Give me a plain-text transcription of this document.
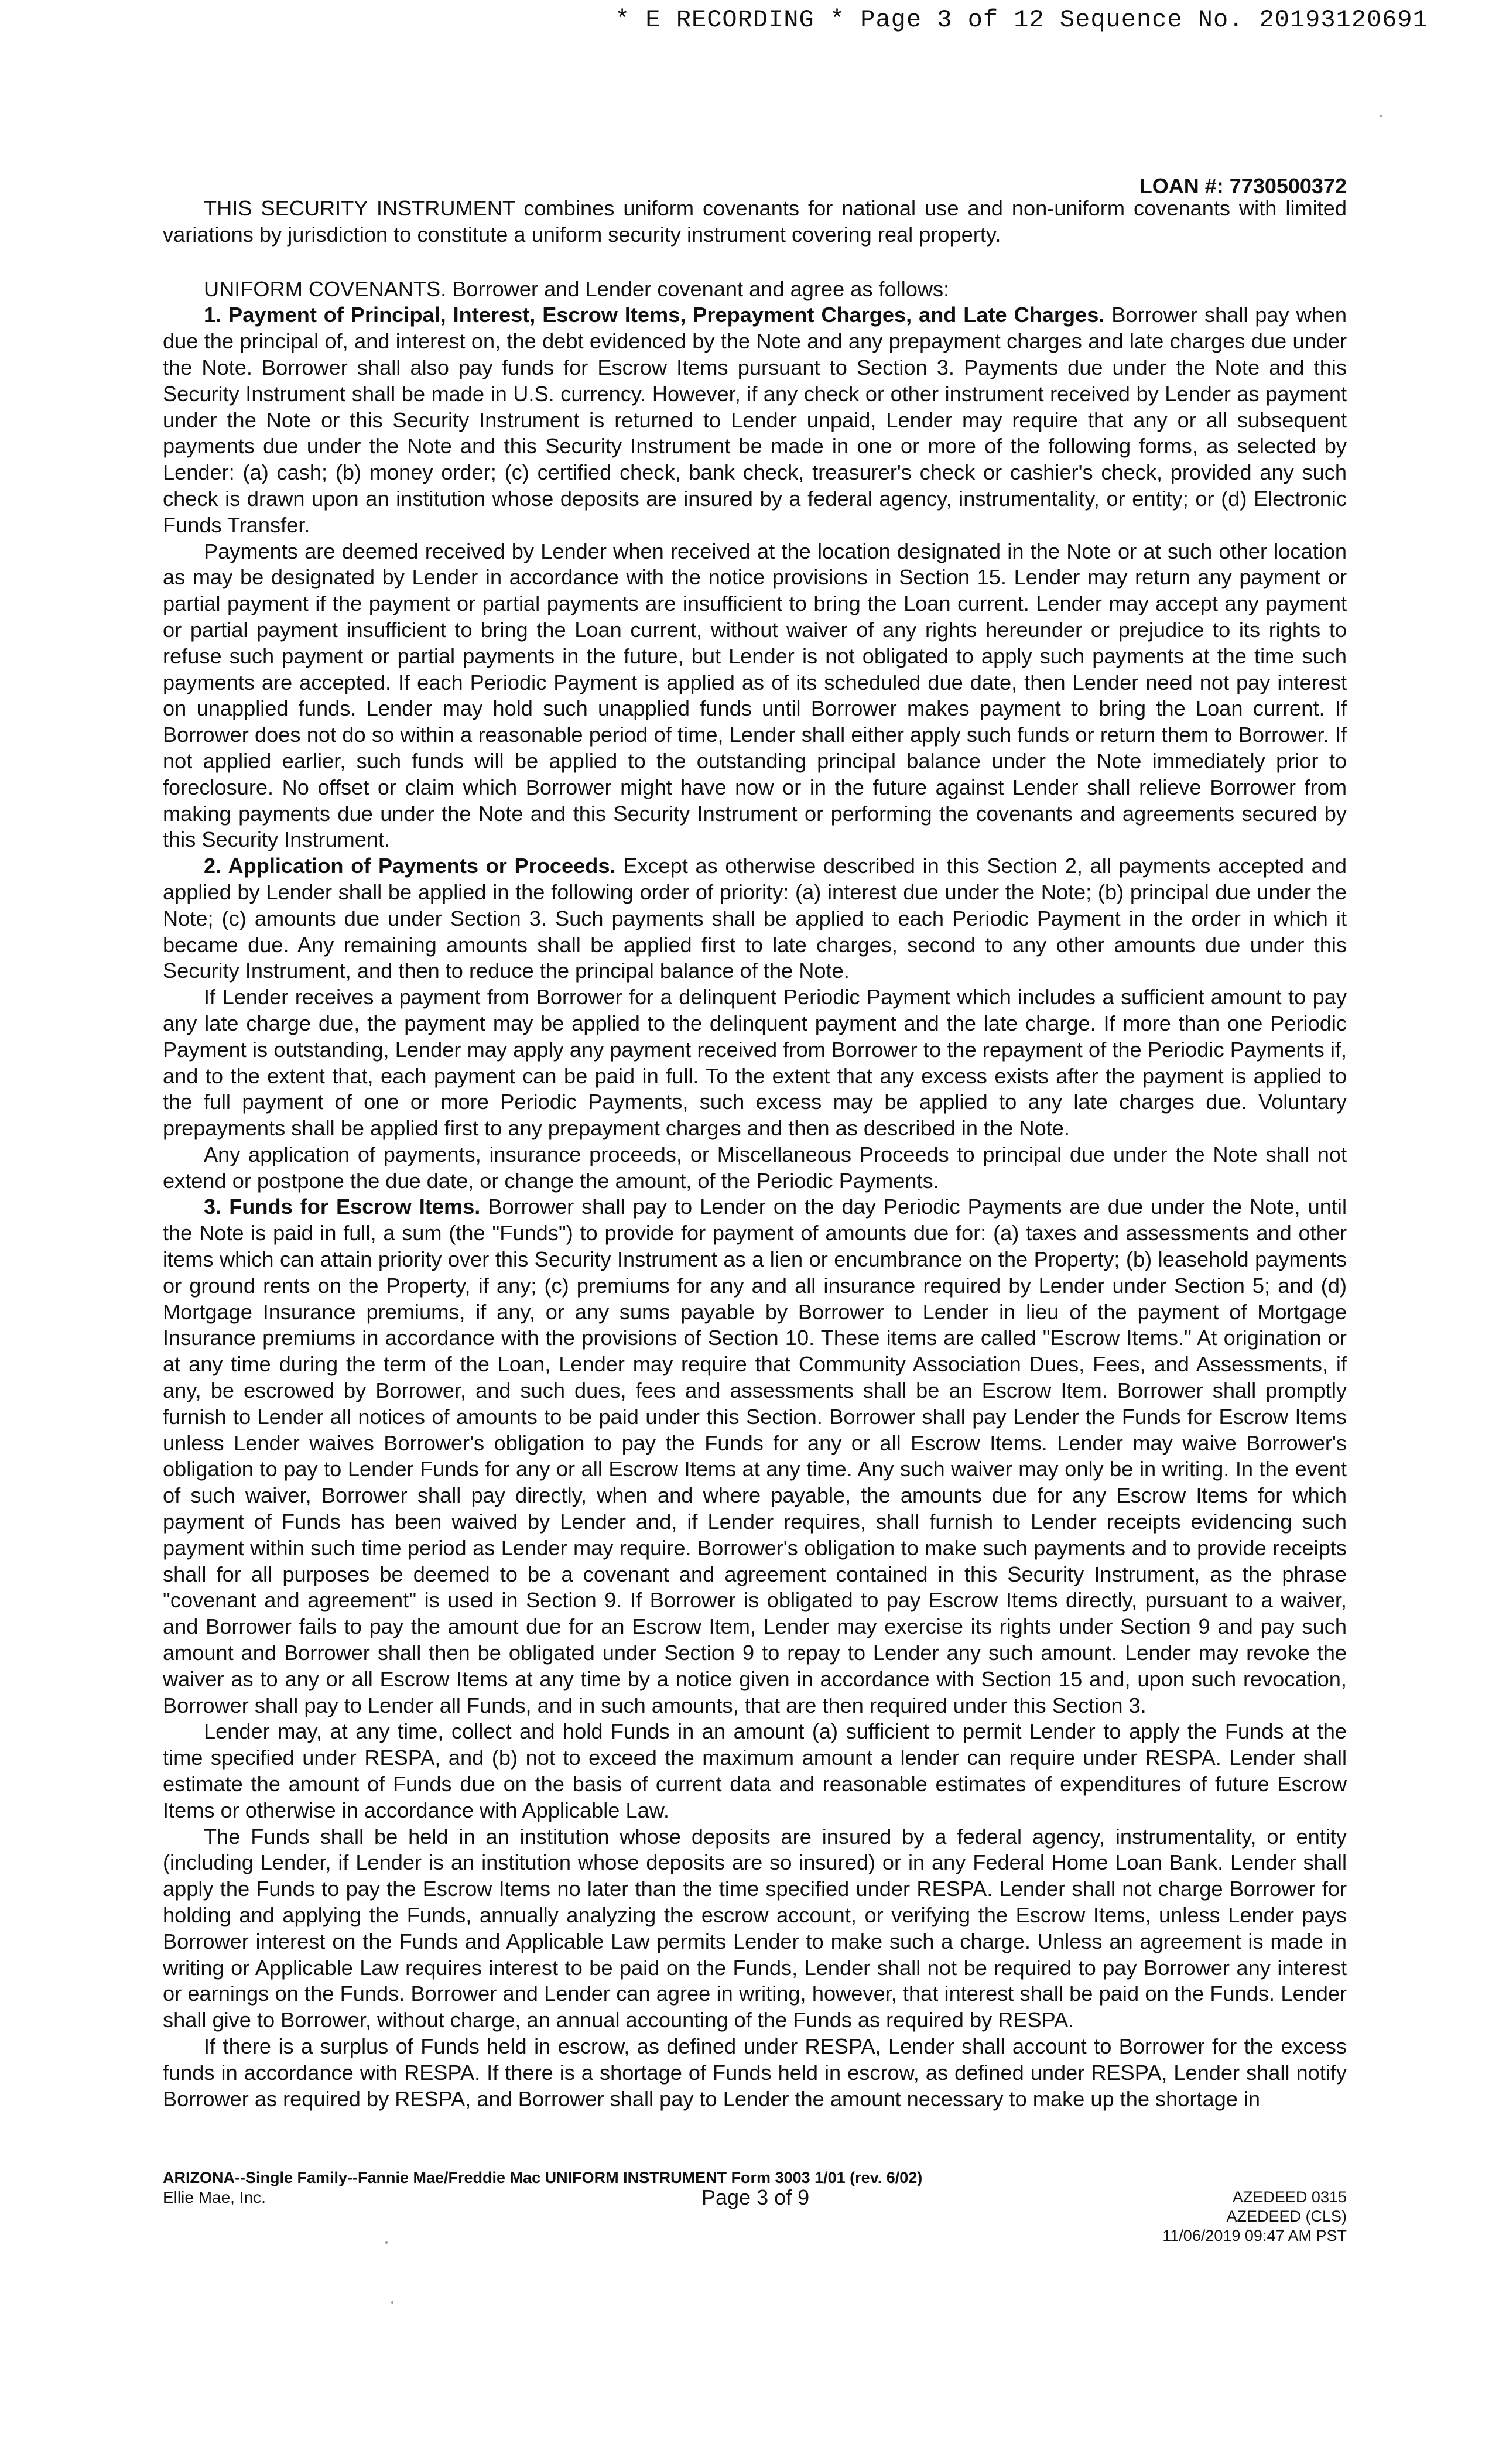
* E RECORDING * Page 3 of 12 Sequence No. 20193120691
LOAN #: 7730500372

THIS SECURITY INSTRUMENT combines uniform covenants for national use and non-uniform covenants with limited variations by jurisdiction to constitute a uniform security instrument covering real property.

UNIFORM COVENANTS. Borrower and Lender covenant and agree as follows:

1. Payment of Principal, Interest, Escrow Items, Prepayment Charges, and Late Charges. Borrower shall pay when due the principal of, and interest on, the debt evidenced by the Note and any prepayment charges and late charges due under the Note. Borrower shall also pay funds for Escrow Items pursuant to Section 3. Payments due under the Note and this Security Instrument shall be made in U.S. currency. However, if any check or other instrument received by Lender as payment under the Note or this Security Instrument is returned to Lender unpaid, Lender may require that any or all subsequent payments due under the Note and this Security Instrument be made in one or more of the following forms, as selected by Lender: (a) cash; (b) money order; (c) certified check, bank check, treasurer's check or cashier's check, provided any such check is drawn upon an institution whose deposits are insured by a federal agency, instrumentality, or entity; or (d) Electronic Funds Transfer.

Payments are deemed received by Lender when received at the location designated in the Note or at such other location as may be designated by Lender in accordance with the notice provisions in Section 15. Lender may return any payment or partial payment if the payment or partial payments are insufficient to bring the Loan current. Lender may accept any payment or partial payment insufficient to bring the Loan current, without waiver of any rights hereunder or prejudice to its rights to refuse such payment or partial payments in the future, but Lender is not obligated to apply such payments at the time such payments are accepted. If each Periodic Payment is applied as of its scheduled due date, then Lender need not pay interest on unapplied funds. Lender may hold such unapplied funds until Borrower makes payment to bring the Loan current. If Borrower does not do so within a reasonable period of time, Lender shall either apply such funds or return them to Borrower. If not applied earlier, such funds will be applied to the outstanding principal balance under the Note immediately prior to foreclosure. No offset or claim which Borrower might have now or in the future against Lender shall relieve Borrower from making payments due under the Note and this Security Instrument or performing the covenants and agreements secured by this Security Instrument.

2. Application of Payments or Proceeds. Except as otherwise described in this Section 2, all payments accepted and applied by Lender shall be applied in the following order of priority: (a) interest due under the Note; (b) principal due under the Note; (c) amounts due under Section 3. Such payments shall be applied to each Periodic Payment in the order in which it became due. Any remaining amounts shall be applied first to late charges, second to any other amounts due under this Security Instrument, and then to reduce the principal balance of the Note.

If Lender receives a payment from Borrower for a delinquent Periodic Payment which includes a sufficient amount to pay any late charge due, the payment may be applied to the delinquent payment and the late charge. If more than one Periodic Payment is outstanding, Lender may apply any payment received from Borrower to the repayment of the Periodic Payments if, and to the extent that, each payment can be paid in full. To the extent that any excess exists after the payment is applied to the full payment of one or more Periodic Payments, such excess may be applied to any late charges due. Voluntary prepayments shall be applied first to any prepayment charges and then as described in the Note.

Any application of payments, insurance proceeds, or Miscellaneous Proceeds to principal due under the Note shall not extend or postpone the due date, or change the amount, of the Periodic Payments.

3. Funds for Escrow Items. Borrower shall pay to Lender on the day Periodic Payments are due under the Note, until the Note is paid in full, a sum (the "Funds") to provide for payment of amounts due for: (a) taxes and assessments and other items which can attain priority over this Security Instrument as a lien or encumbrance on the Property; (b) leasehold payments or ground rents on the Property, if any; (c) premiums for any and all insurance required by Lender under Section 5; and (d) Mortgage Insurance premiums, if any, or any sums payable by Borrower to Lender in lieu of the payment of Mortgage Insurance premiums in accordance with the provisions of Section 10. These items are called "Escrow Items." At origination or at any time during the term of the Loan, Lender may require that Community Association Dues, Fees, and Assessments, if any, be escrowed by Borrower, and such dues, fees and assessments shall be an Escrow Item. Borrower shall promptly furnish to Lender all notices of amounts to be paid under this Section. Borrower shall pay Lender the Funds for Escrow Items unless Lender waives Borrower's obligation to pay the Funds for any or all Escrow Items. Lender may waive Borrower's obligation to pay to Lender Funds for any or all Escrow Items at any time. Any such waiver may only be in writing. In the event of such waiver, Borrower shall pay directly, when and where payable, the amounts due for any Escrow Items for which payment of Funds has been waived by Lender and, if Lender requires, shall furnish to Lender receipts evidencing such payment within such time period as Lender may require. Borrower's obligation to make such payments and to provide receipts shall for all purposes be deemed to be a covenant and agreement contained in this Security Instrument, as the phrase "covenant and agreement" is used in Section 9. If Borrower is obligated to pay Escrow Items directly, pursuant to a waiver, and Borrower fails to pay the amount due for an Escrow Item, Lender may exercise its rights under Section 9 and pay such amount and Borrower shall then be obligated under Section 9 to repay to Lender any such amount. Lender may revoke the waiver as to any or all Escrow Items at any time by a notice given in accordance with Section 15 and, upon such revocation, Borrower shall pay to Lender all Funds, and in such amounts, that are then required under this Section 3.

Lender may, at any time, collect and hold Funds in an amount (a) sufficient to permit Lender to apply the Funds at the time specified under RESPA, and (b) not to exceed the maximum amount a lender can require under RESPA. Lender shall estimate the amount of Funds due on the basis of current data and reasonable estimates of expenditures of future Escrow Items or otherwise in accordance with Applicable Law.

The Funds shall be held in an institution whose deposits are insured by a federal agency, instrumentality, or entity (including Lender, if Lender is an institution whose deposits are so insured) or in any Federal Home Loan Bank. Lender shall apply the Funds to pay the Escrow Items no later than the time specified under RESPA. Lender shall not charge Borrower for holding and applying the Funds, annually analyzing the escrow account, or verifying the Escrow Items, unless Lender pays Borrower interest on the Funds and Applicable Law permits Lender to make such a charge. Unless an agreement is made in writing or Applicable Law requires interest to be paid on the Funds, Lender shall not be required to pay Borrower any interest or earnings on the Funds. Borrower and Lender can agree in writing, however, that interest shall be paid on the Funds. Lender shall give to Borrower, without charge, an annual accounting of the Funds as required by RESPA.

If there is a surplus of Funds held in escrow, as defined under RESPA, Lender shall account to Borrower for the excess funds in accordance with RESPA. If there is a shortage of Funds held in escrow, as defined under RESPA, Lender shall notify Borrower as required by RESPA, and Borrower shall pay to Lender the amount necessary to make up the shortage in

ARIZONA--Single Family--Fannie Mae/Freddie Mac UNIFORM INSTRUMENT Form 3003 1/01 (rev. 6/02)
Ellie Mae, Inc.	Page 3 of 9	AZEDEED 0315
AZEDEED (CLS)
11/06/2019 09:47 AM PST
